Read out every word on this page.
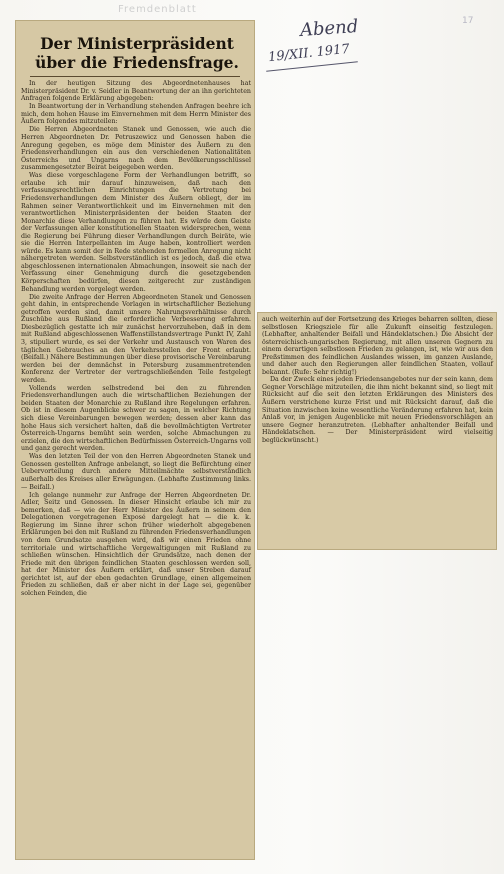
Fremdenblatt
Abend
19/XII. 1917
17
Der Ministerpräsident über die Friedensfrage.

In der heutigen Sitzung des Abgeordnetenhauses hat Ministerpräsident Dr. v. Seidler in Beantwortung der an ihn gerichteten Anfragen folgende Erklärung abgegeben:

In Beantwortung der in Verhandlung stehenden Anfragen beehre ich mich, dem hohen Hause im Einvernehmen mit dem Herrn Minister des Äußern folgendes mitzuteilen:

Die Herren Abgeordneten Stanek und Genossen, wie auch die Herren Abgeordneten Dr. Petruszewicz und Genossen haben die Anregung gegeben, es möge dem Minister des Äußern zu den Friedensverhandlungen ein aus den verschiedenen Nationalitäten Österreichs und Ungarns nach dem Bevölkerungsschlüssel zusammengesetzter Beirat beigegeben werden.

Was diese vorgeschlagene Form der Verhandlungen betrifft, so erlaube ich mir darauf hinzuweisen, daß nach den verfassungsrechtlichen Einrichtungen die Vertretung bei Friedensverhandlungen dem Minister des Äußern obliegt, der im Rahmen seiner Verantwortlichkeit und im Einvernehmen mit den verantwortlichen Ministerpräsidenten der beiden Staaten der Monarchie diese Verhandlungen zu führen hat. Es würde dem Geiste der Verfassungen aller konstitutionellen Staaten widersprechen, wenn die Regierung bei Führung dieser Verhandlungen durch Beiräte, wie sie die Herren Interpellanten im Auge haben, kontrolliert werden würde. Es kann somit der in Rede stehenden formellen Anregung nicht nähergetreten werden. Selbstverständlich ist es jedoch, daß die etwa abgeschlossenen internationalen Abmachungen, insoweit sie nach der Verfassung einer Genehmigung durch die gesetzgebenden Körperschaften bedürfen, diesen zeitgerecht zur zuständigen Behandlung werden vorgelegt werden.

Die zweite Anfrage der Herren Abgeordneten Stanek und Genossen geht dahin, in entsprechende Vorlagen in wirtschaftlicher Beziehung getroffen werden sind, damit unsere Nahrungsverhältnisse durch Zuschübe aus Rußland die erforderliche Verbesserung erfahren. Diesbezüglich gestatte ich mir zunächst hervorzuheben, daß in dem mit Rußland abgeschlossenen Waffenstillstandsvertrage Punkt IV, Zahl 3, stipuliert wurde, es sei der Verkehr und Austausch von Waren des täglichen Gebrauches an den Verkehrsstellen der Front erlaubt. (Beifall.) Nähere Bestimmungen über diese provisorische Vereinbarung werden bei der demnächst in Petersburg zusammentretenden Konferenz der Vertreter der vertragschließenden Teile festgelegt werden.

Vollends werden selbstredend bei den zu führenden Friedensverhandlungen auch die wirtschaftlichen Beziehungen der beiden Staaten der Monarchie zu Rußland ihre Regelungen erfahren. Ob ist in diesem Augenblicke schwer zu sagen, in welcher Richtung sich diese Vereinbarungen bewegen werden; dessen aber kann das hohe Haus sich versichert halten, daß die bevollmächtigten Vertreter Österreich-Ungarns bemüht sein werden, solche Abmachungen zu erzielen, die den wirtschaftlichen Bedürfnissen Österreich-Ungarns voll und ganz gerecht werden.

Was den letzten Teil der von den Herren Abgeordneten Stanek und Genossen gestellten Anfrage anbelangt, so liegt die Befürchtung einer Uebervorteilung durch andere Mitteilmächte selbstverständlich außerhalb des Kreises aller Erwägungen. (Lebhafte Zustimmung links. — Beifall.)

Ich gelange nunmehr zur Anfrage der Herren Abgeordneten Dr. Adler, Seitz und Genossen. In dieser Hinsicht erlaube ich mir zu bemerken, daß — wie der Herr Minister des Äußern in seinem den Delegationen vorgetragenen Exposé dargelegt hat — die k. k. Regierung im Sinne ihrer schon früher wiederholt abgegebenen Erklärungen bei den mit Rußland zu führenden Friedensverhandlungen von dem Grundsatze ausgehen wird, daß wir einen Frieden ohne territoriale und wirtschaftliche Vergewaltigungen mit Rußland zu schließen wünschen. Hinsichtlich der Grundsätze, nach denen der Friede mit den übrigen feindlichen Staaten geschlossen werden soll, hat der Minister des Äußern erklärt, daß unser Streben darauf gerichtet ist, auf der eben gedachten Grundlage, einen allgemeinen Frieden zu schließen, daß er aber nicht in der Lage sei, gegenüber solchen Feinden, die

auch weiterhin auf der Fortsetzung des Krieges beharren sollten, diese selbstlosen Kriegsziele für alle Zukunft einseitig festzulegen. (Lebhafter, anhaltender Beifall und Händeklatschen.) Die Absicht der österreichisch-ungarischen Regierung, mit allen unseren Gegnern zu einem derartigen selbstlosen Frieden zu gelangen, ist, wie wir aus den Preßstimmen des feindlichen Auslandes wissen, im ganzen Auslande, und daher auch den Regierungen aller feindlichen Staaten, vollauf bekannt. (Rufe: Sehr richtig!)

Da der Zweck eines jeden Friedensangebotes nur der sein kann, dem Gegner Vorschläge mitzuteilen, die ihm nicht bekannt sind, so liegt mit Rücksicht auf die seit den letzten Erklärungen des Ministers des Äußern verstrichene kurze Frist und mit Rücksicht darauf, daß die Situation inzwischen keine wesentliche Veränderung erfahren hat, kein Anlaß vor, in jenigen Augenblicke mit neuen Friedensvorschlägen an unsere Gegner heranzutreten. (Lebhafter anhaltender Beifall und Händeklatschen. — Der Ministerpräsident wird vielseitig beglückwünscht.)
